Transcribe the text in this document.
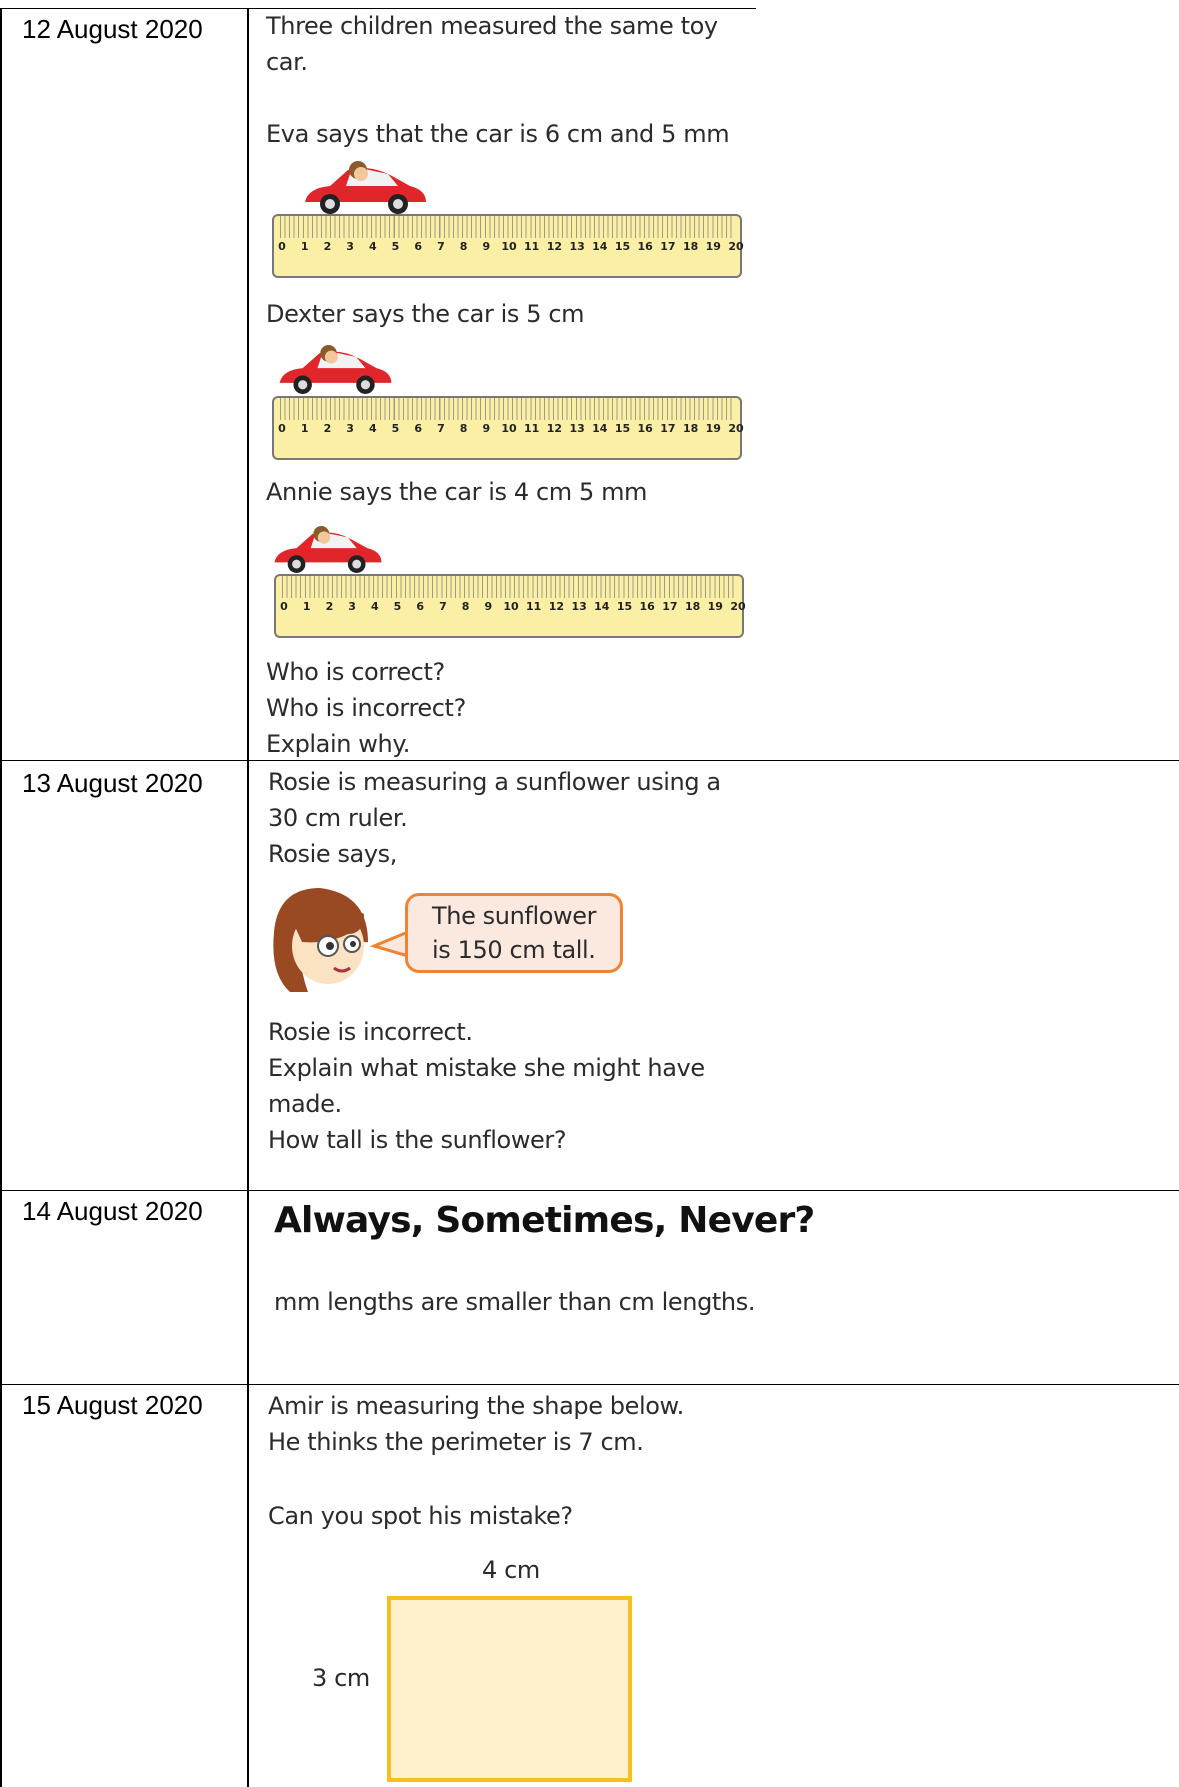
12 August 2020	Three children measured the same toy
car.
Eva says that the car is 6 cm and 5 mm
0 1 2 3 4 5 6 7 8 9 10 11 12 13 14 15 16 17 18 19 20
Dexter says the car is 5 cm
0 1 2 3 4 5 6 7 8 9 10 11 12 13 14 15 16 17 18 19 20
Annie says the car is 4 cm 5 mm
0 1 2 3 4 5 6 7 8 9 10 11 12 13 14 15 16 17 18 19 20
Who is correct?
Who is incorrect?
Explain why.
13 August 2020	Rosie is measuring a sunflower using a
30 cm ruler.
Rosie says,
The sunflower
is 150 cm tall.
Rosie is incorrect.
Explain what mistake she might have
made.
How tall is the sunflower?
14 August 2020 Always, Sometimes, Never?
mm lengths are smaller than cm lengths.
15 August 2020	Amir is measuring the shape below.
He thinks the perimeter is 7 cm.
Can you spot his mistake?
4 cm
3 cm
